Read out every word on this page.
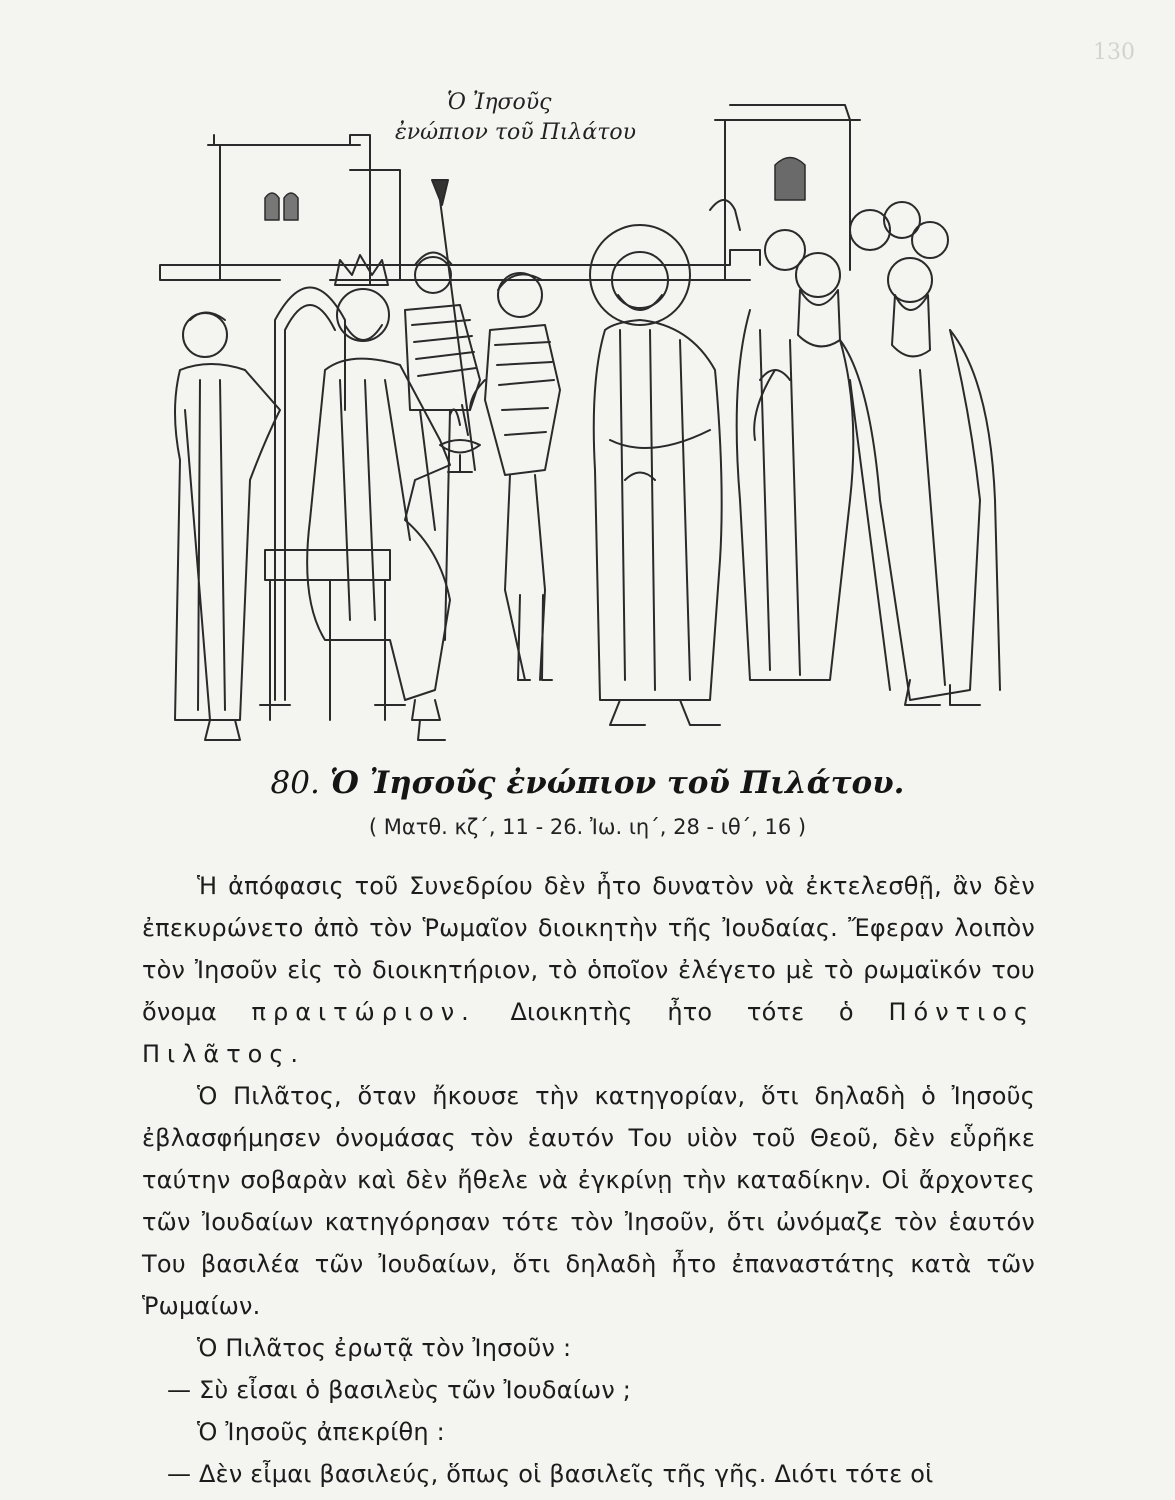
130
Ὁ Ἰησοῦς
ἐνώπιον τοῦ Πιλάτου
80. Ὁ Ἰησοῦς ἐνώπιον τοῦ Πιλάτου.
( Ματθ. κζ΄, 11 - 26. Ἰω. ιη΄, 28 - ιθ΄, 16 )

Ἡ ἀπόφασις τοῦ Συνεδρίου δὲν ἦτο δυνατὸν νὰ ἐκτελεσθῇ, ἂν δὲν ἐπεκυρώνετο ἀπὸ τὸν Ῥωμαῖον διοικητὴν τῆς Ἰουδαίας. Ἔφεραν λοιπὸν τὸν Ἰησοῦν εἰς τὸ διοικητήριον, τὸ ὁποῖον ἐλέγετο μὲ τὸ ρωμαϊκόν του ὄνομα πραιτώριον. Διοικητὴς ἦτο τότε ὁ Πόντιος Πιλᾶτος.

Ὁ Πιλᾶτος, ὅταν ἤκουσε τὴν κατηγορίαν, ὅτι δηλαδὴ ὁ Ἰησοῦς ἐβλασφήμησεν ὀνομάσας τὸν ἑαυτόν Του υἱὸν τοῦ Θεοῦ, δὲν εὗρῆκε ταύτην σοβαρὰν καὶ δὲν ἤθελε νὰ ἐγκρίνῃ τὴν καταδίκην. Οἱ ἄρχοντες τῶν Ἰουδαίων κατηγόρησαν τότε τὸν Ἰησοῦν, ὅτι ὠνόμαζε τὸν ἑαυτόν Του βασιλέα τῶν Ἰουδαίων, ὅτι δηλαδὴ ἦτο ἐπαναστάτης κατὰ τῶν Ῥωμαίων.

Ὁ Πιλᾶτος ἐρωτᾷ τὸν Ἰησοῦν :

— Σὺ εἶσαι ὁ βασιλεὺς τῶν Ἰουδαίων ;

Ὁ Ἰησοῦς ἀπεκρίθη :

— Δὲν εἶμαι βασιλεύς, ὅπως οἱ βασιλεῖς τῆς γῆς. Διότι τότε οἱ
